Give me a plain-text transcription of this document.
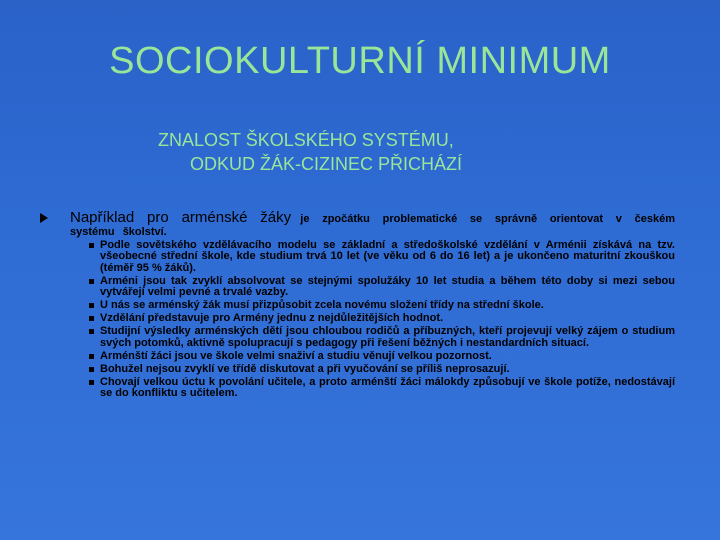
SOCIOKULTURNÍ MINIMUM
ZNALOST ŠKOLSKÉHO SYSTÉMU,
ODKUD ŽÁK-CIZINEC PŘICHÁZÍ
Například pro arménské žáky je zpočátku problematické se správně orientovat v českém systému školství.
Podle sovětského vzdělávacího modelu se základní a středoškolské vzdělání v Arménii získává na tzv. všeobecné střední škole, kde studium trvá 10 let (ve věku od 6 do 16 let) a je ukončeno maturitní zkouškou (téměř 95 % žáků).
Arméni jsou tak zvyklí absolvovat se stejnými spolužáky 10 let studia a během této doby si mezi sebou vytvářejí velmi pevné a trvalé vazby.
U nás se arménský žák musí přizpůsobit zcela novému složení třídy na střední škole.
Vzdělání představuje pro Armény jednu z nejdůležitějších hodnot.
Studijní výsledky arménských dětí jsou chloubou rodičů a příbuzných, kteří projevují velký zájem o studium svých potomků, aktivně spolupracují s pedagogy při řešení běžných i nestandardních situací.
Arménští žáci jsou ve škole velmi snaživí a studiu věnují velkou pozornost.
Bohužel nejsou zvyklí ve třídě diskutovat a při vyučování se příliš neprosazují.
Chovají velkou úctu k povolání učitele, a proto arménští žáci málokdy způsobují ve škole potíže, nedostávají se do konfliktu s učitelem.
